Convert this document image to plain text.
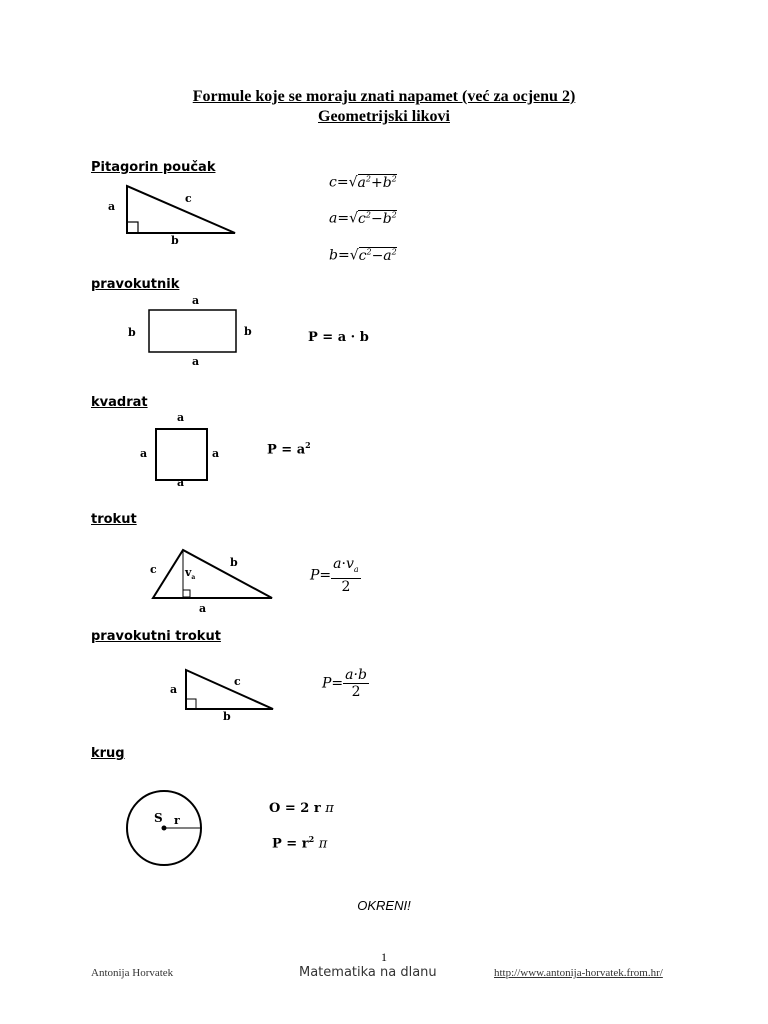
Formule koje se moraju znati napamet (već za ocjenu 2)
Geometrijski likovi
Pitagorin poučak
a
c
b
$c=√a^2+b^2$
$a=√c^2-b^2$
$b=√c^2-a^2$
pravokutnik
a
a
b	b	P = a · b
kvadrat
a
a
a	a	$P = a^2$
trokut
c
b
a
$v_a$	$P= \frac{a\cdot v_a}{2}$
pravokutni trokut
a
c
b
$P= \frac{a\cdot b}{2}$
krug
S r
O = 2 r π
$P = r^2$ π
OKRENI!
1
Antonija Horvatek	Matematika na dlanu	http://www.antonija-horvatek.from.hr/
